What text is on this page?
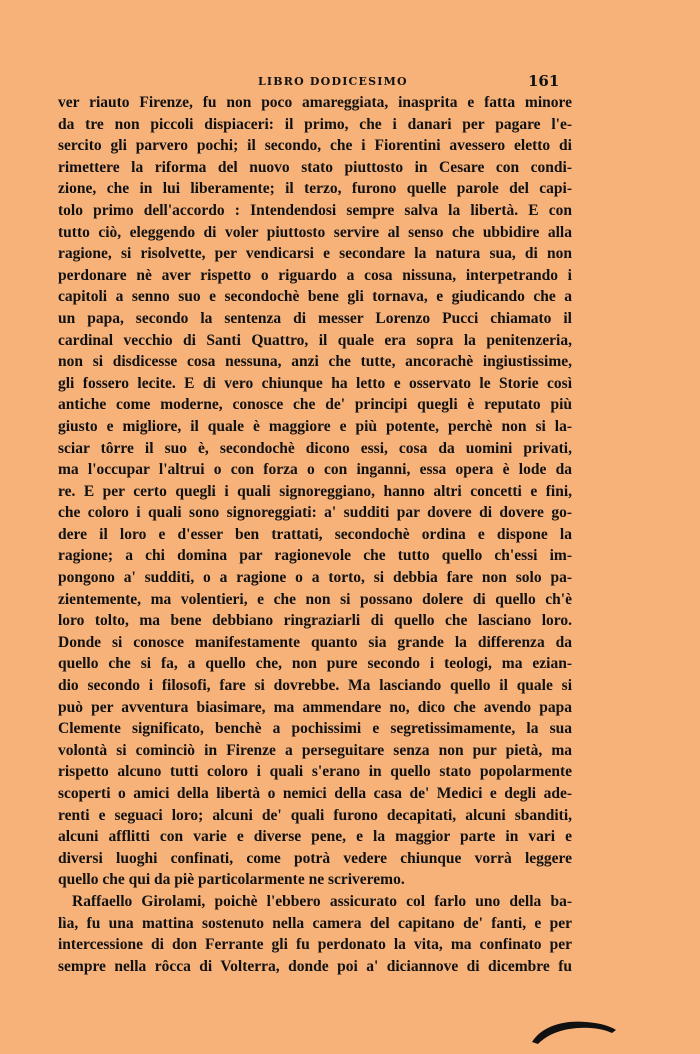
LIBRO DODICESIMO	161
ver riauto Firenze, fu non poco amareggiata, inasprita e fatta minore
da tre non piccoli dispiaceri: il primo, che i danari per pagare l'e-
sercito gli parvero pochi; il secondo, che i Fiorentini avessero eletto di
rimettere la riforma del nuovo stato piuttosto in Cesare con condi-
zione, che in lui liberamente; il terzo, furono quelle parole del capi-
tolo primo dell'accordo : Intendendosi sempre salva la libertà. E con
tutto ciò, eleggendo di voler piuttosto servire al senso che ubbidire alla
ragione, si risolvette, per vendicarsi e secondare la natura sua, di non
perdonare nè aver rispetto o riguardo a cosa nissuna, interpetrando i
capitoli a senno suo e secondochè bene gli tornava, e giudicando che a
un papa, secondo la sentenza di messer Lorenzo Pucci chiamato il
cardinal vecchio di Santi Quattro, il quale era sopra la penitenzeria,
non si disdicesse cosa nessuna, anzi che tutte, ancorachè ingiustissime,
gli fossero lecite. E di vero chiunque ha letto e osservato le Storie così
antiche come moderne, conosce che de' principi quegli è reputato più
giusto e migliore, il quale è maggiore e più potente, perchè non si la-
sciar tôrre il suo è, secondochè dicono essi, cosa da uomini privati,
ma l'occupar l'altrui o con forza o con inganni, essa opera è lode da
re. E per certo quegli i quali signoreggiano, hanno altri concetti e fini,
che coloro i quali sono signoreggiati: a' sudditi par dovere di dovere go-
dere il loro e d'esser ben trattati, secondochè ordina e dispone la
ragione; a chi domina par ragionevole che tutto quello ch'essi im-
pongono a' sudditi, o a ragione o a torto, si debbia fare non solo pa-
zientemente, ma volentieri, e che non si possano dolere di quello ch'è
loro tolto, ma bene debbiano ringraziarli di quello che lasciano loro.
Donde si conosce manifestamente quanto sia grande la differenza da
quello che si fa, a quello che, non pure secondo i teologi, ma ezian-
dio secondo i filosofi, fare si dovrebbe. Ma lasciando quello il quale si
può per avventura biasimare, ma ammendare no, dico che avendo papa
Clemente significato, benchè a pochissimi e segretissimamente, la sua
volontà si cominciò in Firenze a perseguitare senza non pur pietà, ma
rispetto alcuno tutti coloro i quali s'erano in quello stato popolarmente
scoperti o amici della libertà o nemici della casa de' Medici e degli ade-
renti e seguaci loro; alcuni de' quali furono decapitati, alcuni sbanditi,
alcuni afflitti con varie e diverse pene, e la maggior parte in vari e
diversi luoghi confinati, come potrà vedere chiunque vorrà leggere
quello che qui da piè particolarmente ne scriveremo.
Raffaello Girolami, poichè l'ebbero assicurato col farlo uno della ba-
lìa, fu una mattina sostenuto nella camera del capitano de' fanti, e per
intercessione di don Ferrante gli fu perdonato la vita, ma confinato per
sempre nella rôcca di Volterra, donde poi a' diciannove di dicembre fu
